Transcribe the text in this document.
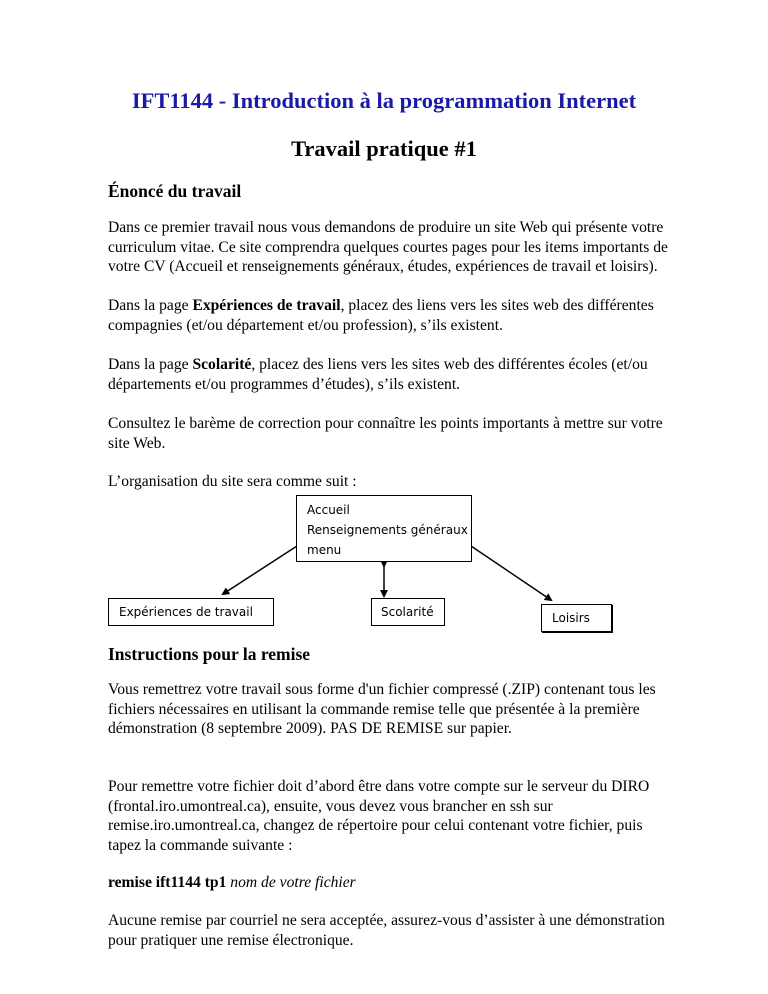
IFT1144 - Introduction à la programmation Internet
Travail pratique #1
Énoncé du travail

Dans ce premier travail nous vous demandons de produire un site Web qui présente votre curriculum vitae. Ce site comprendra quelques courtes pages pour les items importants de votre CV (Accueil et renseignements généraux, études, expériences de travail et loisirs).

Dans la page Expériences de travail, placez des liens vers les sites web des différentes compagnies (et/ou département et/ou profession), s’ils existent.

Dans la page Scolarité, placez des liens vers les sites web des différentes écoles (et/ou départements et/ou programmes d’études), s’ils existent.

Consultez le barème de correction pour connaître les points importants à mettre sur votre site Web.

L’organisation du site sera comme suit :

Accueil
Renseignements généraux
menu
Expériences de travail	Scolarité	Loisirs
Instructions pour la remise

Vous remettrez votre travail sous forme d'un fichier compressé (.ZIP) contenant tous les fichiers nécessaires en utilisant la commande remise telle que présentée à la première démonstration (8 septembre 2009). PAS DE REMISE sur papier.

Pour remettre votre fichier doit d’abord être dans votre compte sur le serveur du DIRO (frontal.iro.umontreal.ca), ensuite, vous devez vous brancher en ssh sur remise.iro.umontreal.ca, changez de répertoire pour celui contenant votre fichier, puis tapez la commande suivante :

remise ift1144 tp1 nom de votre fichier

Aucune remise par courriel ne sera acceptée, assurez-vous d’assister à une démonstration pour pratiquer une remise électronique.
